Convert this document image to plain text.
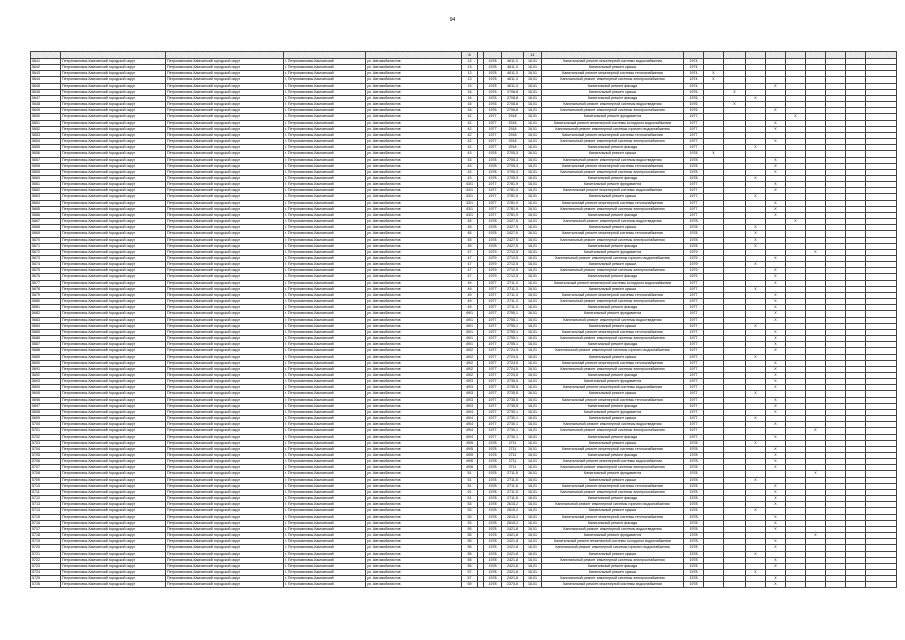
94
					8				11											
5641	Петропавловск-Камчатский городской округ	Петропавловск-Камчатский городской округ	г. Петропавловск-Камчатский	ул. Автомобилистов	13		1978	4611,3	16,01	Капитальный ремонт инженерной системы водоснабжения	1974									
5642	Петропавловск-Камчатский городской округ	Петропавловск-Камчатский городской округ	г. Петропавловск-Камчатский	ул. Автомобилистов	13		1978	4611,3	16,01	Капитальный ремонт крыши	1974									
5643	Петропавловск-Камчатский городской округ	Петропавловск-Камчатский городской округ	г. Петропавловск-Камчатский	ул. Автомобилистов	13		1978	4611,3	16,01	Капитальный ремонт инженерной системы теплоснабжения	1974	Х								
5644	Петропавловск-Камчатский городской округ	Петропавловск-Камчатский городской округ	г. Петропавловск-Камчатский	ул. Автомобилистов	13		1978	4611,3	16,01	Капитальный ремонт инженерной системы электроснабжения	1974	Х								
5645	Петропавловск-Камчатский городской округ	Петропавловск-Камчатский городской округ	г. Петропавловск-Камчатский	ул. Автомобилистов	13		1978	4611,3	16,01	Капитальный ремонт фасада	1974				Х					
5646	Петропавловск-Камчатский городской округ	Петропавловск-Камчатский городской округ	г. Петропавловск-Камчатский	ул. Автомобилистов	16		1976	2708,8	16,01	Капитальный ремонт крыши	1976		Х							
5647	Петропавловск-Камчатский городской округ	Петропавловск-Камчатский городской округ	г. Петропавловск-Камчатский	ул. Автомобилистов	16		1976	2708,8	16,01	Капитальный ремонт фасада	1976			Х						
5648	Петропавловск-Камчатский городской округ	Петропавловск-Камчатский городской округ	г. Петропавловск-Камчатский	ул. Автомобилистов	16		1976	2708,8	16,01	Капитальный ремонт инженерной системы водоотведения	1976		Х							
5649	Петропавловск-Камчатский городской округ	Петропавловск-Камчатский городской округ	г. Петропавловск-Камчатский	ул. Автомобилистов	16		1976	2708,8	16,01	Капитальный ремонт инженерной системы электроснабжения	1976				Х					
5650	Петропавловск-Камчатский городской округ	Петропавловск-Камчатский городской округ	г. Петропавловск-Камчатский	ул. Автомобилистов	42		1977	2918	16,01	Капитальный ремонт фундамента	1977					Х				
5651	Петропавловск-Камчатский городской округ	Петропавловск-Камчатский городской округ	г. Петропавловск-Камчатский	ул. Автомобилистов	42		1977	2918	16,01	Капитальный ремонт инженерной системы холодного водоснабжения	1977				Х					
5652	Петропавловск-Камчатский городской округ	Петропавловск-Камчатский городской округ	г. Петропавловск-Камчатский	ул. Автомобилистов	42		1977	2918	16,01	Капитальный ремонт инженерной системы горячего водоснабжения	1977				Х					
5653	Петропавловск-Камчатский городской округ	Петропавловск-Камчатский городской округ	г. Петропавловск-Камчатский	ул. Автомобилистов	42		1977	2918	16,01	Капитальный ремонт инженерной системы теплоснабжения	1977									
5654	Петропавловск-Камчатский городской округ	Петропавловск-Камчатский городской округ	г. Петропавловск-Камчатский	ул. Автомобилистов	42		1977	2918	16,01	Капитальный ремонт инженерной системы электроснабжения	1977				Х					
5655	Петропавловск-Камчатский городской округ	Петропавловск-Камчатский городской округ	г. Петропавловск-Камчатский	ул. Автомобилистов	42		1977	2918	16,01	Капитальный ремонт фасада	1977			Х						
5656	Петропавловск-Камчатский городской округ	Петропавловск-Камчатский городской округ	г. Петропавловск-Камчатский	ул. Автомобилистов	43		1978	2705,3	16,01	Капитальный ремонт крыши	1978	Х								
5657	Петропавловск-Камчатский городской округ	Петропавловск-Камчатский городской округ	г. Петропавловск-Камчатский	ул. Автомобилистов	43		1978	2705,3	16,01	Капитальный ремонт инженерной системы водоотведения	1978				Х					
5658	Петропавловск-Камчатский городской округ	Петропавловск-Камчатский городской округ	г. Петропавловск-Камчатский	ул. Автомобилистов	43		1978	2705,3	16,01	Капитальный ремонт инженерной системы теплоснабжения	1978				Х					
5659	Петропавловск-Камчатский городской округ	Петропавловск-Камчатский городской округ	г. Петропавловск-Камчатский	ул. Автомобилистов	43		1978	2705,3	16,01	Капитальный ремонт инженерной системы электроснабжения	1978				Х					
5660	Петропавловск-Камчатский городской округ	Петропавловск-Камчатский городской округ	г. Петропавловск-Камчатский	ул. Автомобилистов	43		1978	2705,3	16,01	Капитальный ремонт фасада	1978			Х						
5661	Петропавловск-Камчатский городской округ	Петропавловск-Камчатский городской округ	г. Петропавловск-Камчатский	ул. Автомобилистов	43/1		1977	2781,9	16,01	Капитальный ремонт фундамента	1977				Х					
5662	Петропавловск-Камчатский городской округ	Петропавловск-Камчатский городской округ	г. Петропавловск-Камчатский	ул. Автомобилистов	43/1		1977	2781,9	16,01	Капитальный ремонт инженерной системы водоснабжения	1977				Х					
5663	Петропавловск-Камчатский городской округ	Петропавловск-Камчатский городской округ	г. Петропавловск-Камчатский	ул. Автомобилистов	43/1		1977	2781,9	16,01	Капитальный ремонт крыши	1977			Х						
5664	Петропавловск-Камчатский городской округ	Петропавловск-Камчатский городской округ	г. Петропавловск-Камчатский	ул. Автомобилистов	43/1		1977	2781,9	16,01	Капитальный ремонт инженерной системы теплоснабжения	1977				Х					
5665	Петропавловск-Камчатский городской округ	Петропавловск-Камчатский городской округ	г. Петропавловск-Камчатский	ул. Автомобилистов	43/1		1977	2781,9	16,01	Капитальный ремонт инженерной системы электроснабжения	1977				Х					
5666	Петропавловск-Камчатский городской округ	Петропавловск-Камчатский городской округ	г. Петропавловск-Камчатский	ул. Автомобилистов	43/1		1977	2781,9	16,01	Капитальный ремонт фасада	1977				Х					
5667	Петропавловск-Камчатский городской округ	Петропавловск-Камчатский городской округ	г. Петропавловск-Камчатский	ул. Автомобилистов	45		1978	2427,5	16,01	Капитальный ремонт инженерной системы водоотведения	1978					Х				
5668	Петропавловск-Камчатский городской округ	Петропавловск-Камчатский городской округ	г. Петропавловск-Камчатский	ул. Автомобилистов	45		1978	2427,5	16,01	Капитальный ремонт крыши	1978			Х						
5669	Петропавловск-Камчатский городской округ	Петропавловск-Камчатский городской округ	г. Петропавловск-Камчатский	ул. Автомобилистов	45		1978	2427,5	16,01	Капитальный ремонт инженерной системы теплоснабжения	1978			Х						
5670	Петропавловск-Камчатский городской округ	Петропавловск-Камчатский городской округ	г. Петропавловск-Камчатский	ул. Автомобилистов	45		1978	2427,5	16,01	Капитальный ремонт инженерной системы электроснабжения	1978			Х						
5671	Петропавловск-Камчатский городской округ	Петропавловск-Камчатский городской округ	г. Петропавловск-Камчатский	ул. Автомобилистов	45		1978	2427,5	16,01	Капитальный ремонт фасада	1978			Х						
5672	Петропавловск-Камчатский городской округ	Петропавловск-Камчатский городской округ	г. Петропавловск-Камчатский	ул. Автомобилистов	47		1979	2712,5	16,01	Капитальный ремонт фундамента	1979						Х			
5673	Петропавловск-Камчатский городской округ	Петропавловск-Камчатский городской округ	г. Петропавловск-Камчатский	ул. Автомобилистов	47		1979	2712,5	16,01	Капитальный ремонт инженерной системы горячего водоснабжения	1979				Х					
5674	Петропавловск-Камчатский городской округ	Петропавловск-Камчатский городской округ	г. Петропавловск-Камчатский	ул. Автомобилистов	47		1979	2712,5	16,01	Капитальный ремонт крыши	1979			Х						
5675	Петропавловск-Камчатский городской округ	Петропавловск-Камчатский городской округ	г. Петропавловск-Камчатский	ул. Автомобилистов	47		1979	2712,5	16,01	Капитальный ремонт инженерной системы электроснабжения	1979				Х					
5676	Петропавловск-Камчатский городской округ	Петропавловск-Камчатский городской округ	г. Петропавловск-Камчатский	ул. Автомобилистов	47		1979	2712,5	16,01	Капитальный ремонт фасада	1979				Х					
5677	Петропавловск-Камчатский городской округ	Петропавловск-Камчатский городской округ	г. Петропавловск-Камчатский	ул. Автомобилистов	49		1977	2711,3	16,01	Капитальный ремонт инженерной системы холодного водоснабжения	1977				Х					
5678	Петропавловск-Камчатский городской округ	Петропавловск-Камчатский городской округ	г. Петропавловск-Камчатский	ул. Автомобилистов	49		1977	2711,3	16,01	Капитальный ремонт крыши	1977			Х						
5679	Петропавловск-Камчатский городской округ	Петропавловск-Камчатский городской округ	г. Петропавловск-Камчатский	ул. Автомобилистов	49		1977	2711,3	16,01	Капитальный ремонт инженерной системы теплоснабжения	1977				Х					
5680	Петропавловск-Камчатский городской округ	Петропавловск-Камчатский городской округ	г. Петропавловск-Камчатский	ул. Автомобилистов	49		1977	2711,3	16,01	Капитальный ремонт инженерной системы электроснабжения	1977				Х					
5681	Петропавловск-Камчатский городской округ	Петропавловск-Камчатский городской округ	г. Петропавловск-Камчатский	ул. Автомобилистов	49		1977	2711,3	16,01	Капитальный ремонт фасада	1977				Х					
5682	Петропавловск-Камчатский городской округ	Петропавловск-Камчатский городской округ	г. Петропавловск-Камчатский	ул. Автомобилистов	49/1		1977	2755,1	16,01	Капитальный ремонт фундамента	1977				Х					
5683	Петропавловск-Камчатский городской округ	Петропавловск-Камчатский городской округ	г. Петропавловск-Камчатский	ул. Автомобилистов	49/1		1977	2755,1	16,01	Капитальный ремонт инженерной системы водоотведения	1977				Х					
5684	Петропавловск-Камчатский городской округ	Петропавловск-Камчатский городской округ	г. Петропавловск-Камчатский	ул. Автомобилистов	49/1		1977	2755,1	16,01	Капитальный ремонт крыши	1977			Х						
5685	Петропавловск-Камчатский городской округ	Петропавловск-Камчатский городской округ	г. Петропавловск-Камчатский	ул. Автомобилистов	49/1		1977	2755,1	16,01	Капитальный ремонт инженерной системы теплоснабжения	1977				Х					
5686	Петропавловск-Камчатский городской округ	Петропавловск-Камчатский городской округ	г. Петропавловск-Камчатский	ул. Автомобилистов	49/1		1977	2755,1	16,01	Капитальный ремонт инженерной системы электроснабжения	1977				Х					
5687	Петропавловск-Камчатский городской округ	Петропавловск-Камчатский городской округ	г. Петропавловск-Камчатский	ул. Автомобилистов	49/1		1977	2755,1	16,01	Капитальный ремонт фасада	1977				Х					
5688	Петропавловск-Камчатский городской округ	Петропавловск-Камчатский городской округ	г. Петропавловск-Камчатский	ул. Автомобилистов	49/2		1977	2724,5	16,01	Капитальный ремонт инженерной системы горячего водоснабжения	1977				Х					
5689	Петропавловск-Камчатский городской округ	Петропавловск-Камчатский городской округ	г. Петропавловск-Камчатский	ул. Автомобилистов	49/2		1977	2724,5	16,01	Капитальный ремонт крыши	1977			Х						
5690	Петропавловск-Камчатский городской округ	Петропавловск-Камчатский городской округ	г. Петропавловск-Камчатский	ул. Автомобилистов	49/2		1977	2724,5	16,01	Капитальный ремонт инженерной системы теплоснабжения	1977				Х					
5691	Петропавловск-Камчатский городской округ	Петропавловск-Камчатский городской округ	г. Петропавловск-Камчатский	ул. Автомобилистов	49/2		1977	2724,5	16,01	Капитальный ремонт инженерной системы электроснабжения	1977				Х					
5692	Петропавловск-Камчатский городской округ	Петропавловск-Камчатский городской округ	г. Петропавловск-Камчатский	ул. Автомобилистов	49/2		1977	2724,5	16,01	Капитальный ремонт фасада	1977				Х					
5693	Петропавловск-Камчатский городской округ	Петропавловск-Камчатский городской округ	г. Петропавловск-Камчатский	ул. Автомобилистов	49/3		1977	2735,5	16,01	Капитальный ремонт фундамента	1977				Х					
5694	Петропавловск-Камчатский городской округ	Петропавловск-Камчатский городской округ	г. Петропавловск-Камчатский	ул. Автомобилистов	49/3		1977	2735,5	16,01	Капитальный ремонт инженерной системы водоснабжения	1977				Х					
5695	Петропавловск-Камчатский городской округ	Петропавловск-Камчатский городской округ	г. Петропавловск-Камчатский	ул. Автомобилистов	49/3		1977	2735,5	16,01	Капитальный ремонт крыши	1977			Х						
5696	Петропавловск-Камчатский городской округ	Петропавловск-Камчатский городской округ	г. Петропавловск-Камчатский	ул. Автомобилистов	49/3		1977	2735,5	16,01	Капитальный ремонт инженерной системы теплоснабжения	1977				Х					
5697	Петропавловск-Камчатский городской округ	Петропавловск-Камчатский городской округ	г. Петропавловск-Камчатский	ул. Автомобилистов	49/3		1977	2735,5	16,01	Капитальный ремонт фасада	1977				Х					
5698	Петропавловск-Камчатский городской округ	Петропавловск-Камчатский городской округ	г. Петропавловск-Камчатский	ул. Автомобилистов	49/4		1977	2730,1	16,01	Капитальный ремонт фундамента	1977				Х					
5699	Петропавловск-Камчатский городской округ	Петропавловск-Камчатский городской округ	г. Петропавловск-Камчатский	ул. Автомобилистов	49/4		1977	2730,1	16,01	Капитальный ремонт крыши	1977			Х						
5700	Петропавловск-Камчатский городской округ	Петропавловск-Камчатский городской округ	г. Петропавловск-Камчатский	ул. Автомобилистов	49/4		1977	2730,1	16,01	Капитальный ремонт инженерной системы водоотведения	1977				Х					
5701	Петропавловск-Камчатский городской округ	Петропавловск-Камчатский городской округ	г. Петропавловск-Камчатский	ул. Автомобилистов	49/4		1977	2730,1	16,01	Капитальный ремонт инженерной системы электроснабжения	1977						Х			
5702	Петропавловск-Камчатский городской округ	Петропавловск-Камчатский городской округ	г. Петропавловск-Камчатский	ул. Автомобилистов	49/4		1977	2730,1	16,01	Капитальный ремонт фасада	1977				Х					
5703	Петропавловск-Камчатский городской округ	Петропавловск-Камчатский городской округ	г. Петропавловск-Камчатский	ул. Автомобилистов	49/5		1978	2711	16,01	Капитальный ремонт крыши	1978			Х						
5704	Петропавловск-Камчатский городской округ	Петропавловск-Камчатский городской округ	г. Петропавловск-Камчатский	ул. Автомобилистов	49/5		1978	2711	16,01	Капитальный ремонт инженерной системы теплоснабжения	1978				Х					
5705	Петропавловск-Камчатский городской округ	Петропавловск-Камчатский городской округ	г. Петропавловск-Камчатский	ул. Автомобилистов	49/5		1978	2711	16,01	Капитальный ремонт фасада	1978				Х					
5706	Петропавловск-Камчатский городской округ	Петропавловск-Камчатский городской округ	г. Петропавловск-Камчатский	ул. Автомобилистов	49/6		1978	2711	16,01	Капитальный ремонт инженерной системы водоснабжения	1978				Х					
5707	Петропавловск-Камчатский городской округ	Петропавловск-Камчатский городской округ	г. Петропавловск-Камчатский	ул. Автомобилистов	49/6		1978	2711	16,01	Капитальный ремонт инженерной системы электроснабжения	1978				Х					
5708	Петропавловск-Камчатский городской округ	Петропавловск-Камчатский городской округ	г. Петропавловск-Камчатский	ул. Автомобилистов	51		1978	2711,5	16,01	Капитальный ремонт фундамента	1978						Х			
5709	Петропавловск-Камчатский городской округ	Петропавловск-Камчатский городской округ	г. Петропавловск-Камчатский	ул. Автомобилистов	51		1978	2711,5	16,01	Капитальный ремонт крыши	1978			Х						
5710	Петропавловск-Камчатский городской округ	Петропавловск-Камчатский городской округ	г. Петропавловск-Камчатский	ул. Автомобилистов	51		1978	2711,5	16,01	Капитальный ремонт инженерной системы теплоснабжения	1978				Х					
5711	Петропавловск-Камчатский городской округ	Петропавловск-Камчатский городской округ	г. Петропавловск-Камчатский	ул. Автомобилистов	51		1978	2711,5	16,01	Капитальный ремонт инженерной системы электроснабжения	1978				Х					
5712	Петропавловск-Камчатский городской округ	Петропавловск-Камчатский городской округ	г. Петропавловск-Камчатский	ул. Автомобилистов	51		1978	2711,5	16,01	Капитальный ремонт фасада	1978				Х					
5713	Петропавловск-Камчатский городской округ	Петропавловск-Камчатский городской округ	г. Петропавловск-Камчатский	ул. Автомобилистов	53		1978	2615,2	16,01	Капитальный ремонт инженерной системы горячего водоснабжения	1978				Х					
5714	Петропавловск-Камчатский городской округ	Петропавловск-Камчатский городской округ	г. Петропавловск-Камчатский	ул. Автомобилистов	53		1978	2615,2	16,01	Капитальный ремонт крыши	1978			Х						
5715	Петропавловск-Камчатский городской округ	Петропавловск-Камчатский городской округ	г. Петропавловск-Камчатский	ул. Автомобилистов	53		1978	2615,2	16,01	Капитальный ремонт инженерной системы теплоснабжения	1978				Х					
5716	Петропавловск-Камчатский городской округ	Петропавловск-Камчатский городской округ	г. Петропавловск-Камчатский	ул. Автомобилистов	53		1978	2615,2	16,01	Капитальный ремонт фасада	1978				Х					
5717	Петропавловск-Камчатский городской округ	Петропавловск-Камчатский городской округ	г. Петропавловск-Камчатский	ул. Автомобилистов	55		1978	2421,8	16,01	Капитальный ремонт инженерной системы водоотведения	1978				Х					
5718	Петропавловск-Камчатский городской округ	Петропавловск-Камчатский городской округ	г. Петропавловск-Камчатский	ул. Автомобилистов	55		1978	2421,8	16,01	Капитальный ремонт фундамента	1978						Х			
5719	Петропавловск-Камчатский городской округ	Петропавловск-Камчатский городской округ	г. Петропавловск-Камчатский	ул. Автомобилистов	55		1978	2421,8	16,01	Капитальный ремонт инженерной системы холодного водоснабжения	1978				Х					
5720	Петропавловск-Камчатский городской округ	Петропавловск-Камчатский городской округ	г. Петропавловск-Камчатский	ул. Автомобилистов	55		1978	2421,8	16,01	Капитальный ремонт инженерной системы горячего водоснабжения	1978				Х					
5721	Петропавловск-Камчатский городской округ	Петропавловск-Камчатский городской округ	г. Петропавловск-Камчатский	ул. Автомобилистов	55		1978	2421,8	16,01	Капитальный ремонт крыши	1978			Х						
5722	Петропавловск-Камчатский городской округ	Петропавловск-Камчатский городской округ	г. Петропавловск-Камчатский	ул. Автомобилистов	55		1978	2421,8	16,01	Капитальный ремонт инженерной системы электроснабжения	1978				Х					
5723	Петропавловск-Камчатский городской округ	Петропавловск-Камчатский городской округ	г. Петропавловск-Камчатский	ул. Автомобилистов	55		1978	2421,8	16,01	Капитальный ремонт фасада	1978				Х					
5724	Петропавловск-Камчатский городской округ	Петропавловск-Камчатский городской округ	г. Петропавловск-Камчатский	ул. Автомобилистов	57		1978	2421,8	16,01	Капитальный ремонт крыши	1978			Х						
5725	Петропавловск-Камчатский городской округ	Петропавловск-Камчатский городской округ	г. Петропавловск-Камчатский	ул. Автомобилистов	57		1978	2421,8	16,01	Капитальный ремонт инженерной системы электроснабжения	1978				Х					
5726	Петропавловск-Камчатский городской округ	Петропавловск-Камчатский городской округ	г. Петропавловск-Камчатский	ул. Автомобилистов	59		1978	2374,6	16,01	Капитальный ремонт инженерной системы водоснабжения	1978				Х					
